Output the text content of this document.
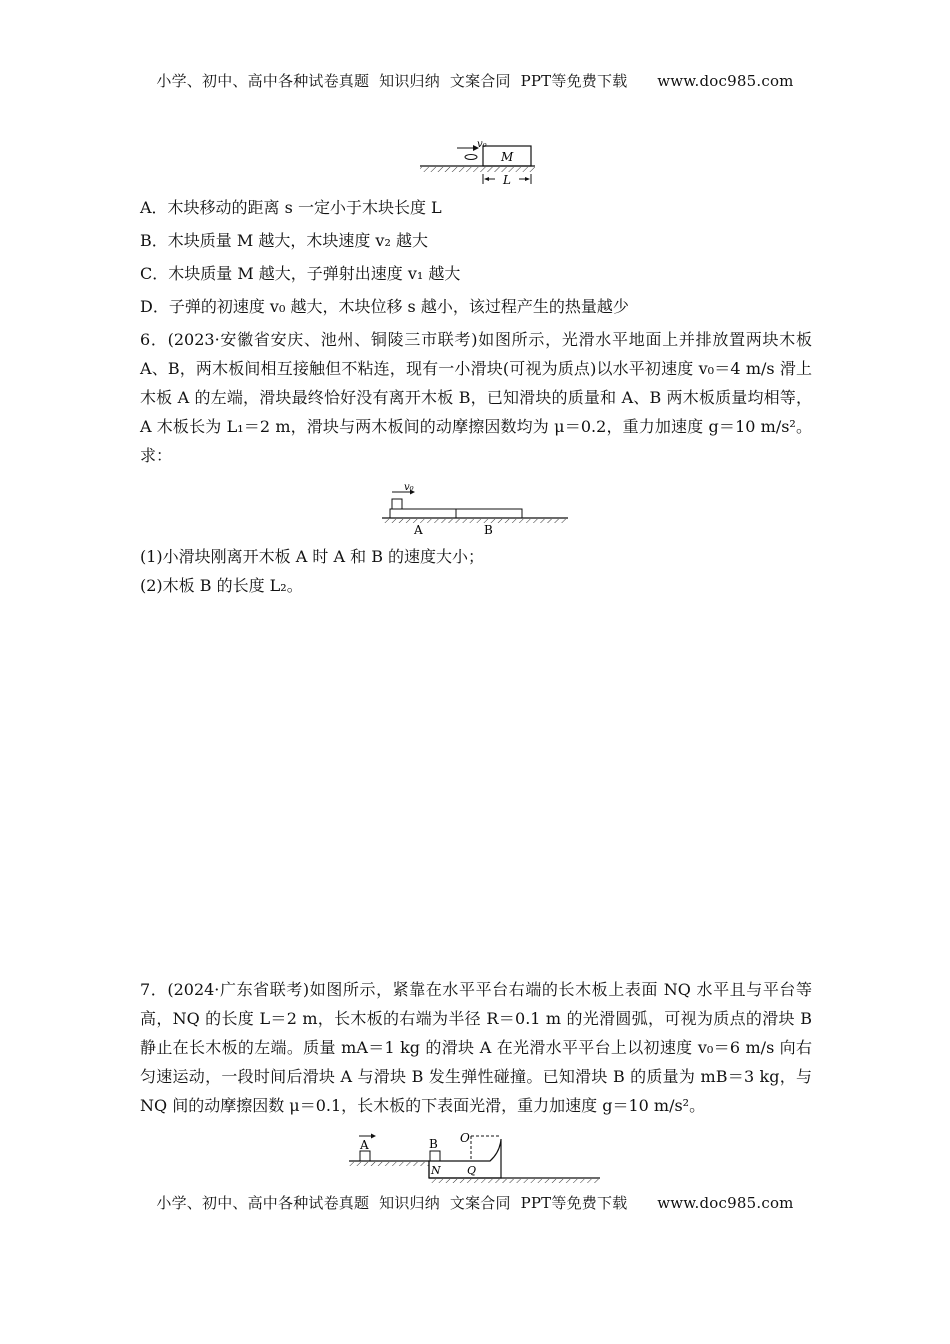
小学、初中、高中各种试卷真题  知识归纳  文案合同  PPT等免费下载      www.doc985.com
M
v₀
L
A．木块移动的距离 s 一定小于木块长度 L
B．木块质量 M 越大，木块速度 v₂ 越大
C．木块质量 M 越大，子弹射出速度 v₁ 越大
D．子弹的初速度 v₀ 越大，木块位移 s 越小，该过程产生的热量越少
6．(2023·安徽省安庆、池州、铜陵三市联考)如图所示，光滑水平地面上并排放置两块木板A、B，两木板间相互接触但不粘连，现有一小滑块(可视为质点)以水平初速度 v₀＝4 m/s 滑上木板 A 的左端，滑块最终恰好没有离开木板 B，已知滑块的质量和 A、B 两木板质量均相等，A 木板长为 L₁＝2 m，滑块与两木板间的动摩擦因数均为 μ＝0.2，重力加速度 g＝10 m/s²。求：
v₀
A	B
(1)小滑块刚离开木板 A 时 A 和 B 的速度大小；
(2)木板 B 的长度 L₂。
7．(2024·广东省联考)如图所示，紧靠在水平平台右端的长木板上表面 NQ 水平且与平台等高，NQ 的长度 L＝2 m，长木板的右端为半径 R＝0.1 m 的光滑圆弧，可视为质点的滑块 B 静止在长木板的左端。质量 mA＝1 kg 的滑块 A 在光滑水平平台上以初速度 v₀＝6 m/s 向右匀速运动，一段时间后滑块 A 与滑块 B 发生弹性碰撞。已知滑块 B 的质量为 mB＝3 kg，与 NQ 间的动摩擦因数 μ＝0.1，长木板的下表面光滑，重力加速度 g＝10 m/s²。
A	B
N
O
Q
小学、初中、高中各种试卷真题  知识归纳  文案合同  PPT等免费下载      www.doc985.com
